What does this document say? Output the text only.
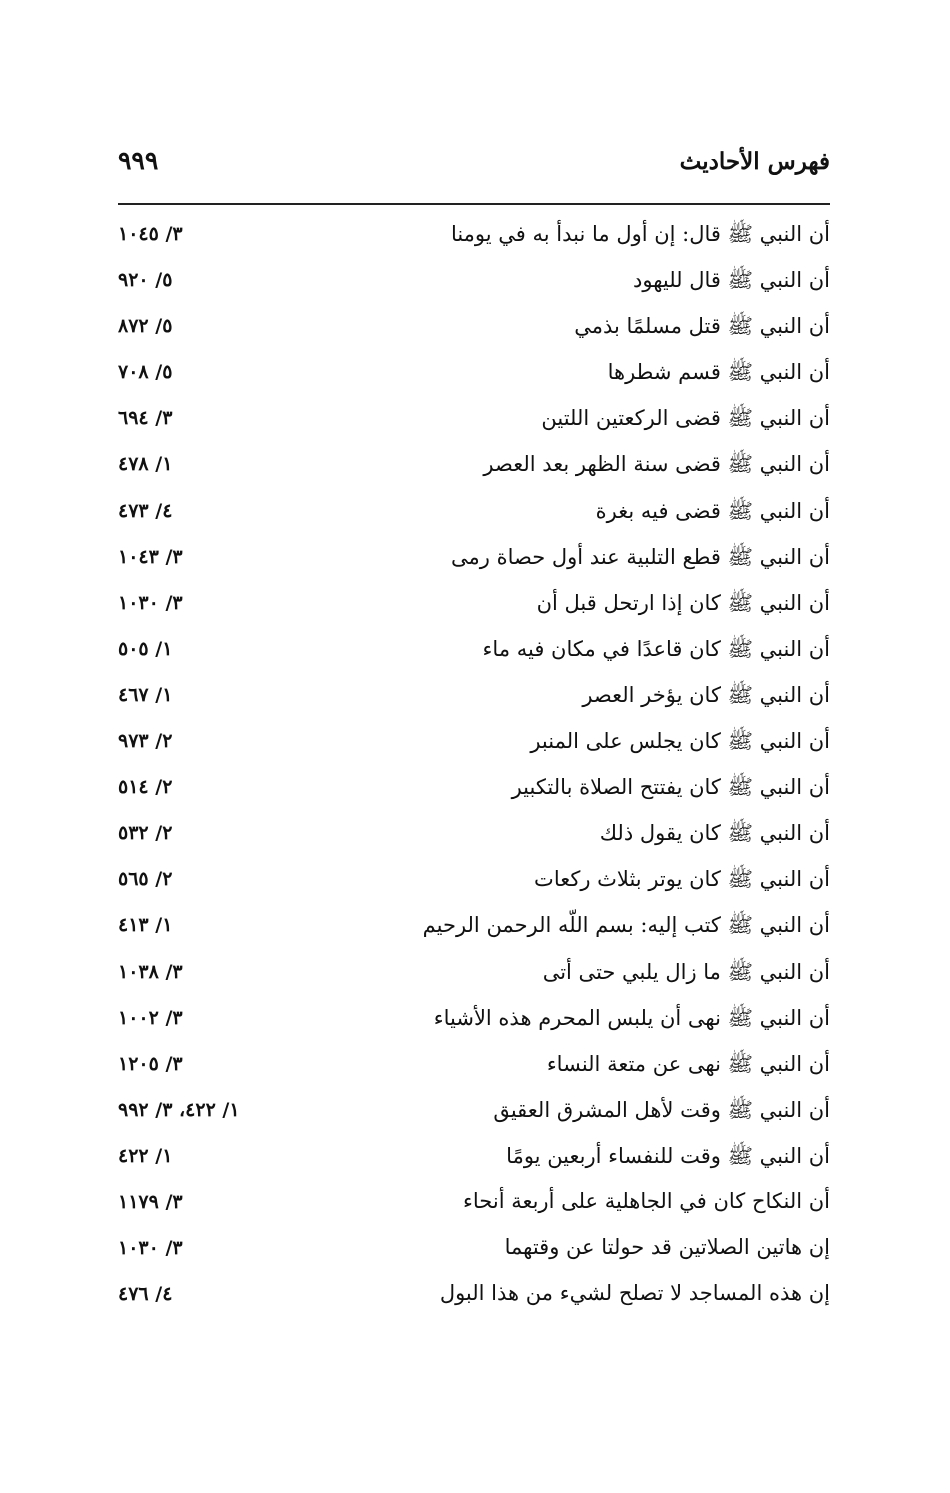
فهرس الأحاديث
٩٩٩
أن النبي ﷺ قال: إن أول ما نبدأ به في يومنا
٣/ ١٠٤٥
أن النبي ﷺ قال لليهود
٥/ ٩٢٠
أن النبي ﷺ قتل مسلمًا بذمي
٥/ ٨٧٢
أن النبي ﷺ قسم شطرها
٥/ ٧٠٨
أن النبي ﷺ قضى الركعتين اللتين
٣/ ٦٩٤
أن النبي ﷺ قضى سنة الظهر بعد العصر
١/ ٤٧٨
أن النبي ﷺ قضى فيه بغرة
٤/ ٤٧٣
أن النبي ﷺ قطع التلبية عند أول حصاة رمى
٣/ ١٠٤٣
أن النبي ﷺ كان إذا ارتحل قبل أن
٣/ ١٠٣٠
أن النبي ﷺ كان قاعدًا في مكان فيه ماء
١/ ٥٠٥
أن النبي ﷺ كان يؤخر العصر
١/ ٤٦٧
أن النبي ﷺ كان يجلس على المنبر
٢/ ٩٧٣
أن النبي ﷺ كان يفتتح الصلاة بالتكبير
٢/ ٥١٤
أن النبي ﷺ كان يقول ذلك
٢/ ٥٣٢
أن النبي ﷺ كان يوتر بثلاث ركعات
٢/ ٥٦٥
أن النبي ﷺ كتب إليه: بسم اللّه الرحمن الرحيم
١/ ٤١٣
أن النبي ﷺ ما زال يلبي حتى أتى
٣/ ١٠٣٨
أن النبي ﷺ نهى أن يلبس المحرم هذه الأشياء
٣/ ١٠٠٢
أن النبي ﷺ نهى عن متعة النساء
٣/ ١٢٠٥
أن النبي ﷺ وقت لأهل المشرق العقيق
١/ ٤٢٢، ٣/ ٩٩٢
أن النبي ﷺ وقت للنفساء أربعين يومًا
١/ ٤٢٢
أن النكاح كان في الجاهلية على أربعة أنحاء
٣/ ١١٧٩
إن هاتين الصلاتين قد حولتا عن وقتهما
٣/ ١٠٣٠
إن هذه المساجد لا تصلح لشيء من هذا البول
٤/ ٤٧٦
